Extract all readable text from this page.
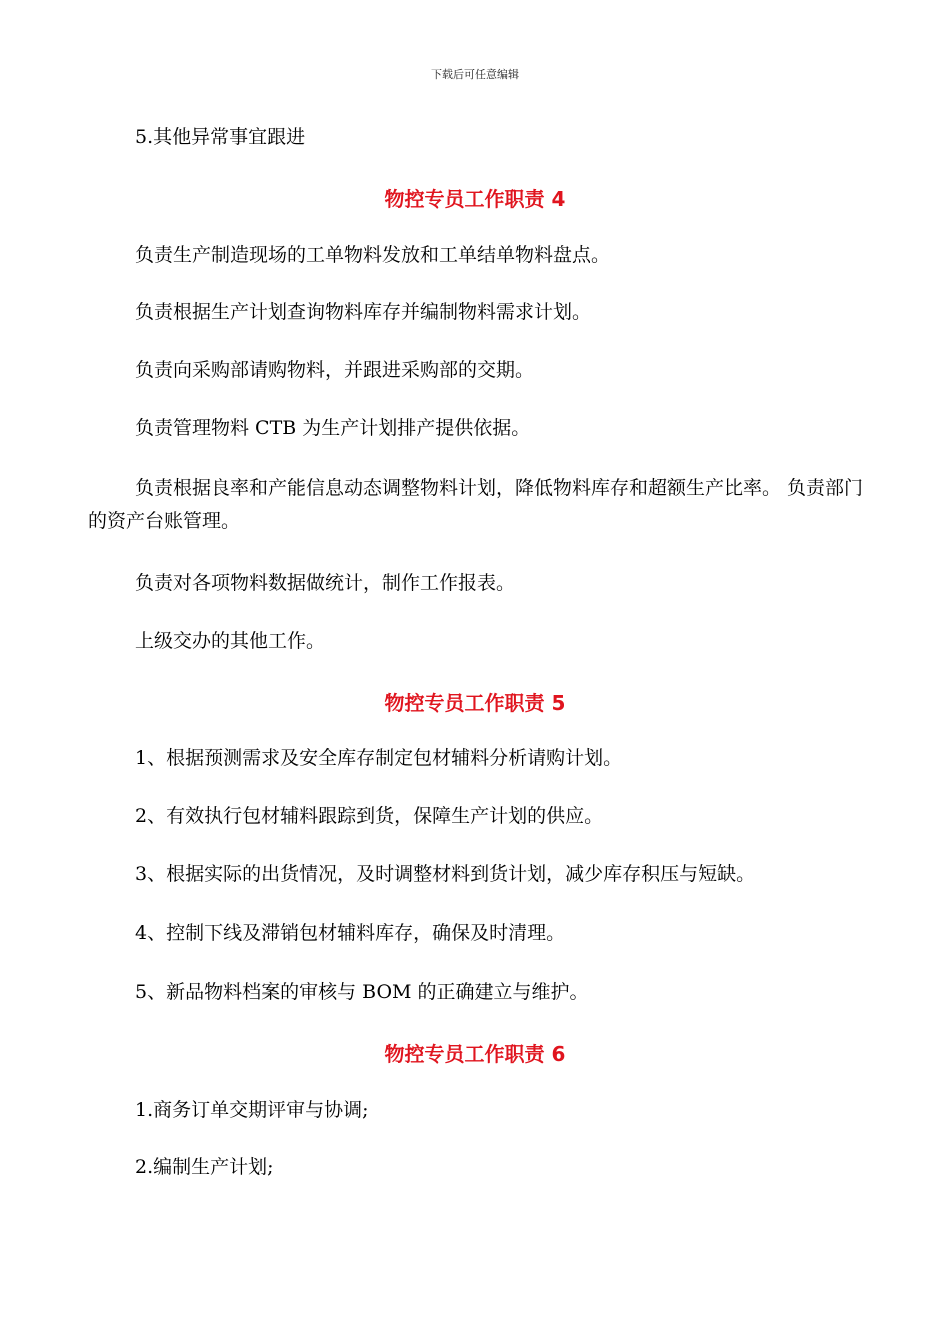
下载后可任意编辑
5.其他异常事宜跟进
物控专员工作职责 4
负责生产制造现场的工单物料发放和工单结单物料盘点。
负责根据生产计划查询物料库存并编制物料需求计划。
负责向采购部请购物料，并跟进采购部的交期。
负责管理物料 CTB 为生产计划排产提供依据。
负责根据良率和产能信息动态调整物料计划，降低物料库存和超额生产比率。 负责部门的资产台账管理。
负责对各项物料数据做统计，制作工作报表。
上级交办的其他工作。
物控专员工作职责 5
1、根据预测需求及安全库存制定包材辅料分析请购计划。
2、有效执行包材辅料跟踪到货，保障生产计划的供应。
3、根据实际的出货情况，及时调整材料到货计划，减少库存积压与短缺。
4、控制下线及滞销包材辅料库存，确保及时清理。
5、新品物料档案的审核与 BOM 的正确建立与维护。
物控专员工作职责 6
1.商务订单交期评审与协调;
2.编制生产计划;
